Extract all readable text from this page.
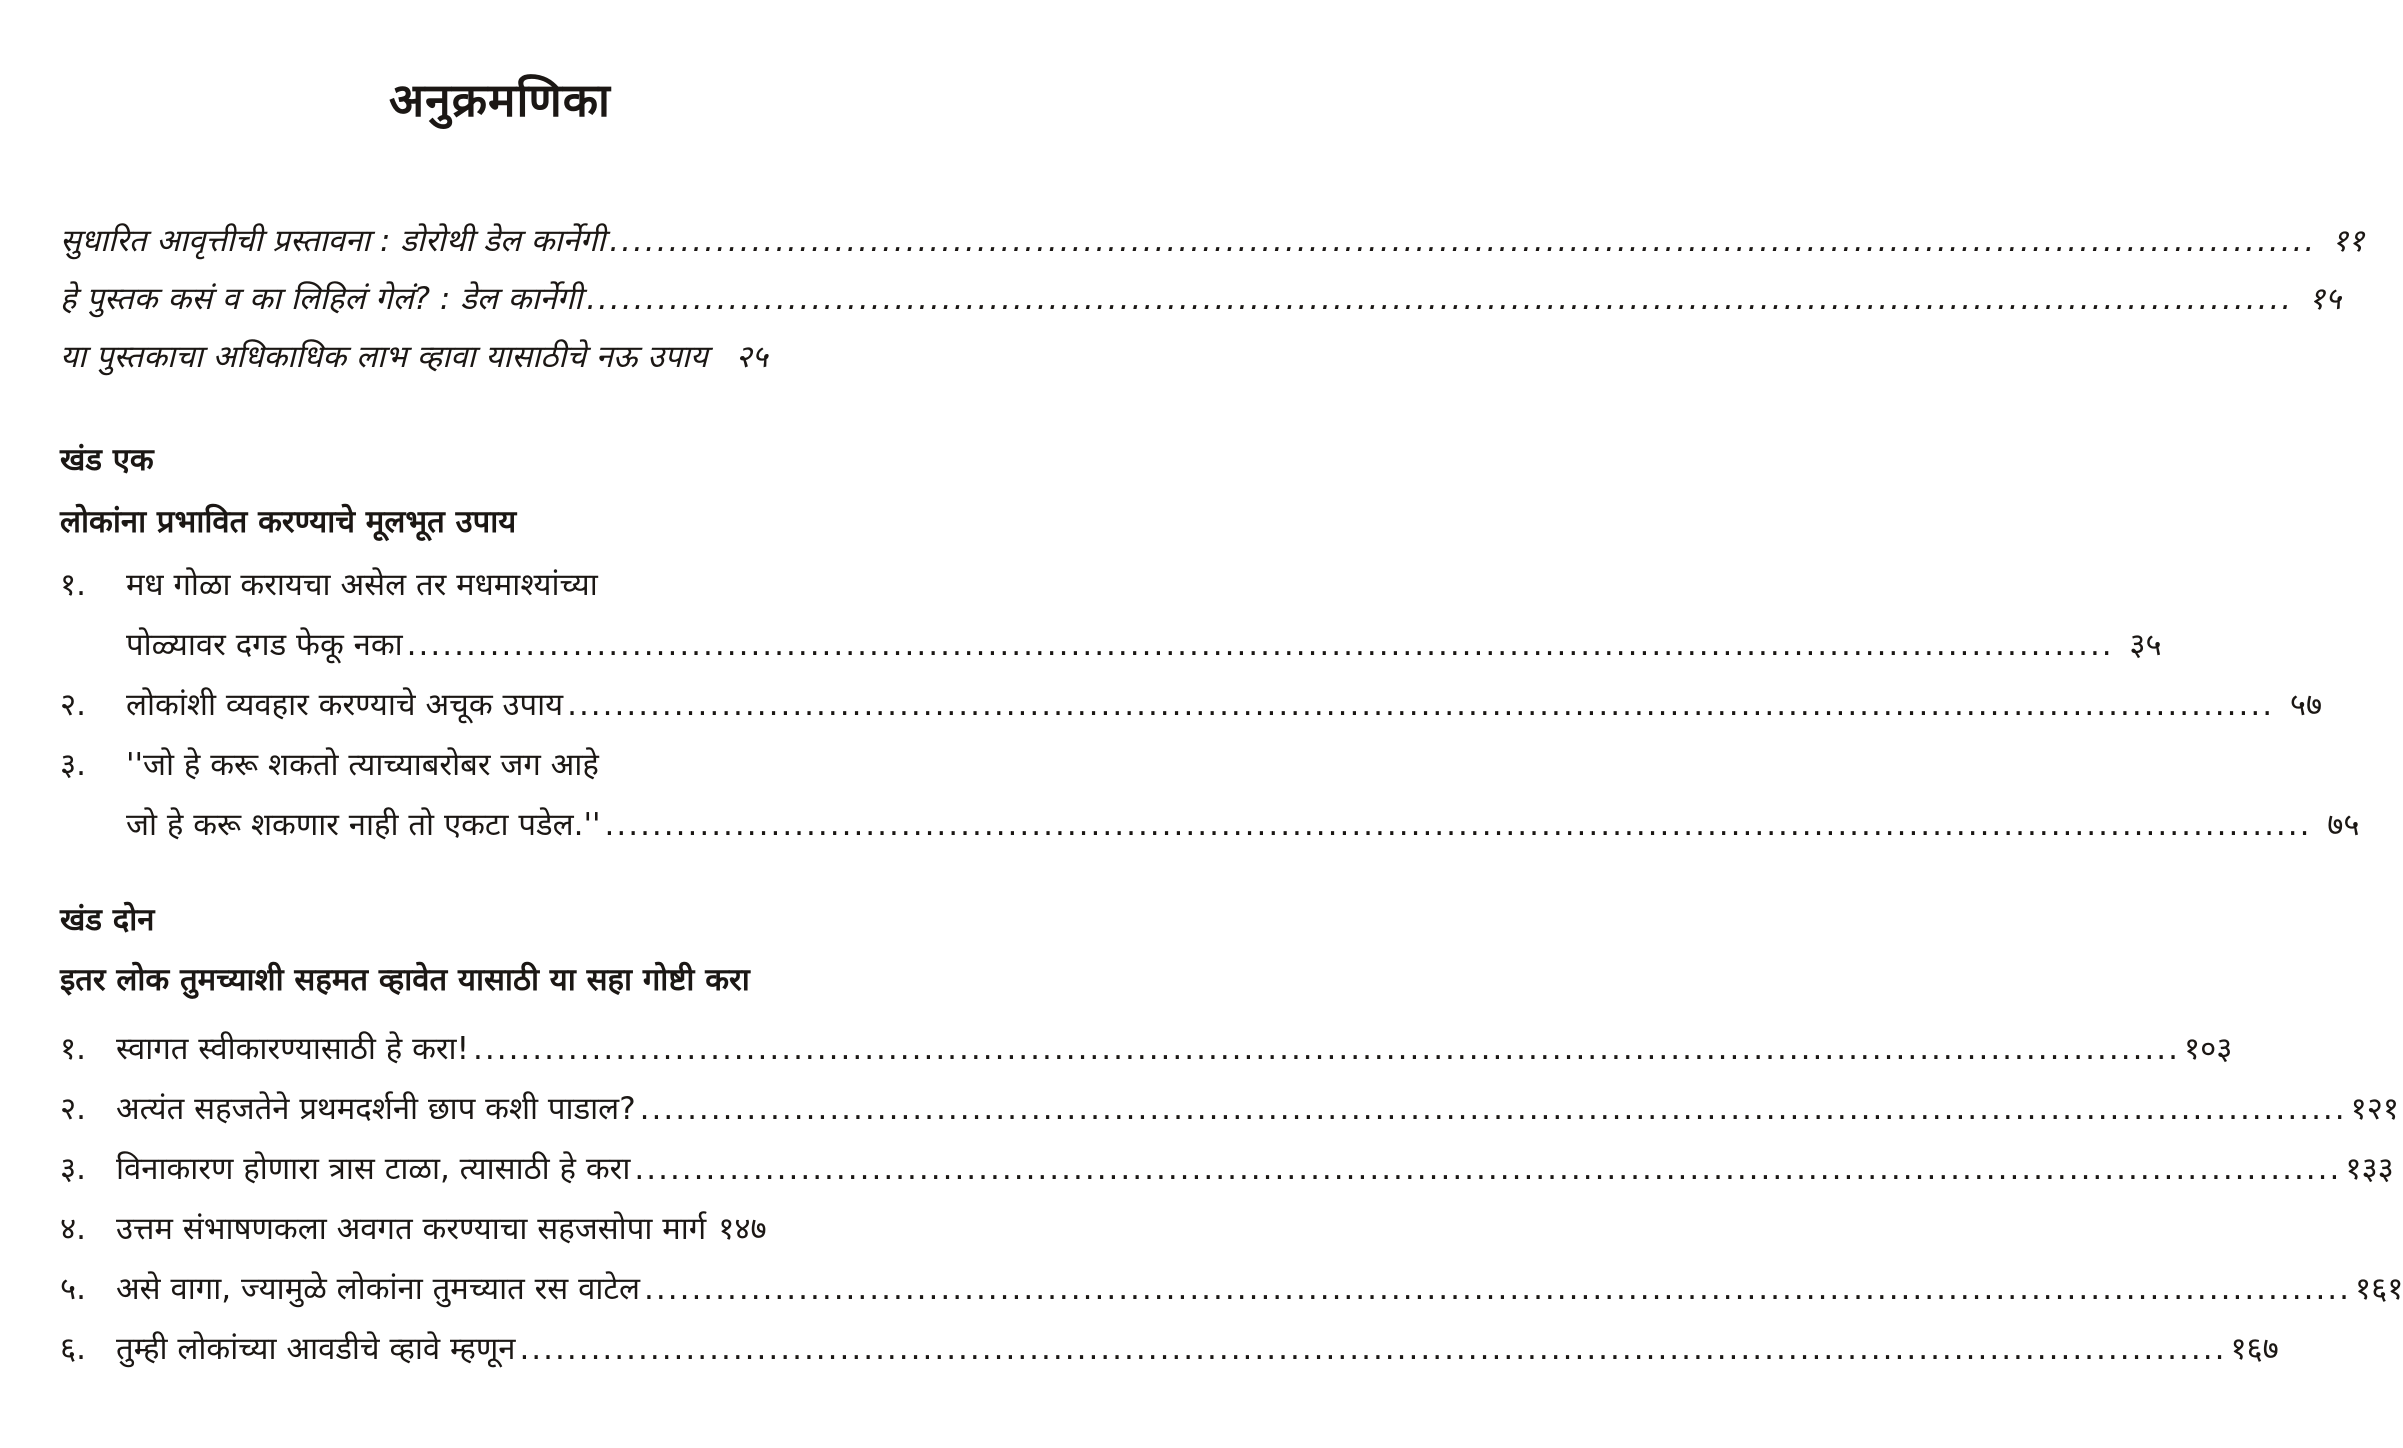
अनुक्रमणिका
सुधारित आवृत्तीची प्रस्तावना : डोरोथी डेल कार्नेगी .....	११
हे पुस्तक कसं व का लिहिलं गेलं? : डेल कार्नेगी .....	१५
या पुस्तकाचा अधिकाधिक लाभ व्हावा यासाठीचे नऊ उपाय २५
खंड एक
लोकांना प्रभावित करण्याचे मूलभूत उपाय
१.	मध गोळा करायचा असेल तर मधमाश्यांच्या
पोळ्यावर दगड फेकू नका .....	३५
२.	लोकांशी व्यवहार करण्याचे अचूक उपाय .....	५७
३.	''जो हे करू शकतो त्याच्याबरोबर जग आहे
जो हे करू शकणार नाही तो एकटा पडेल.'' .....	७५
खंड दोन
इतर लोक तुमच्याशी सहमत व्हावेत यासाठी या सहा गोष्टी करा
१. स्वागत स्वीकारण्यासाठी हे करा! .....	१०३
२. अत्यंत सहजतेने प्रथमदर्शनी छाप कशी पाडाल? .....	१२१
३. विनाकारण होणारा त्रास टाळा, त्यासाठी हे करा .....	१३३
४. उत्तम संभाषणकला अवगत करण्याचा सहजसोपा मार्ग १४७
५. असे वागा, ज्यामुळे लोकांना तुमच्यात रस वाटेल .....	१६१
६. तुम्ही लोकांच्या आवडीचे व्हावे म्हणून .....	१६७
